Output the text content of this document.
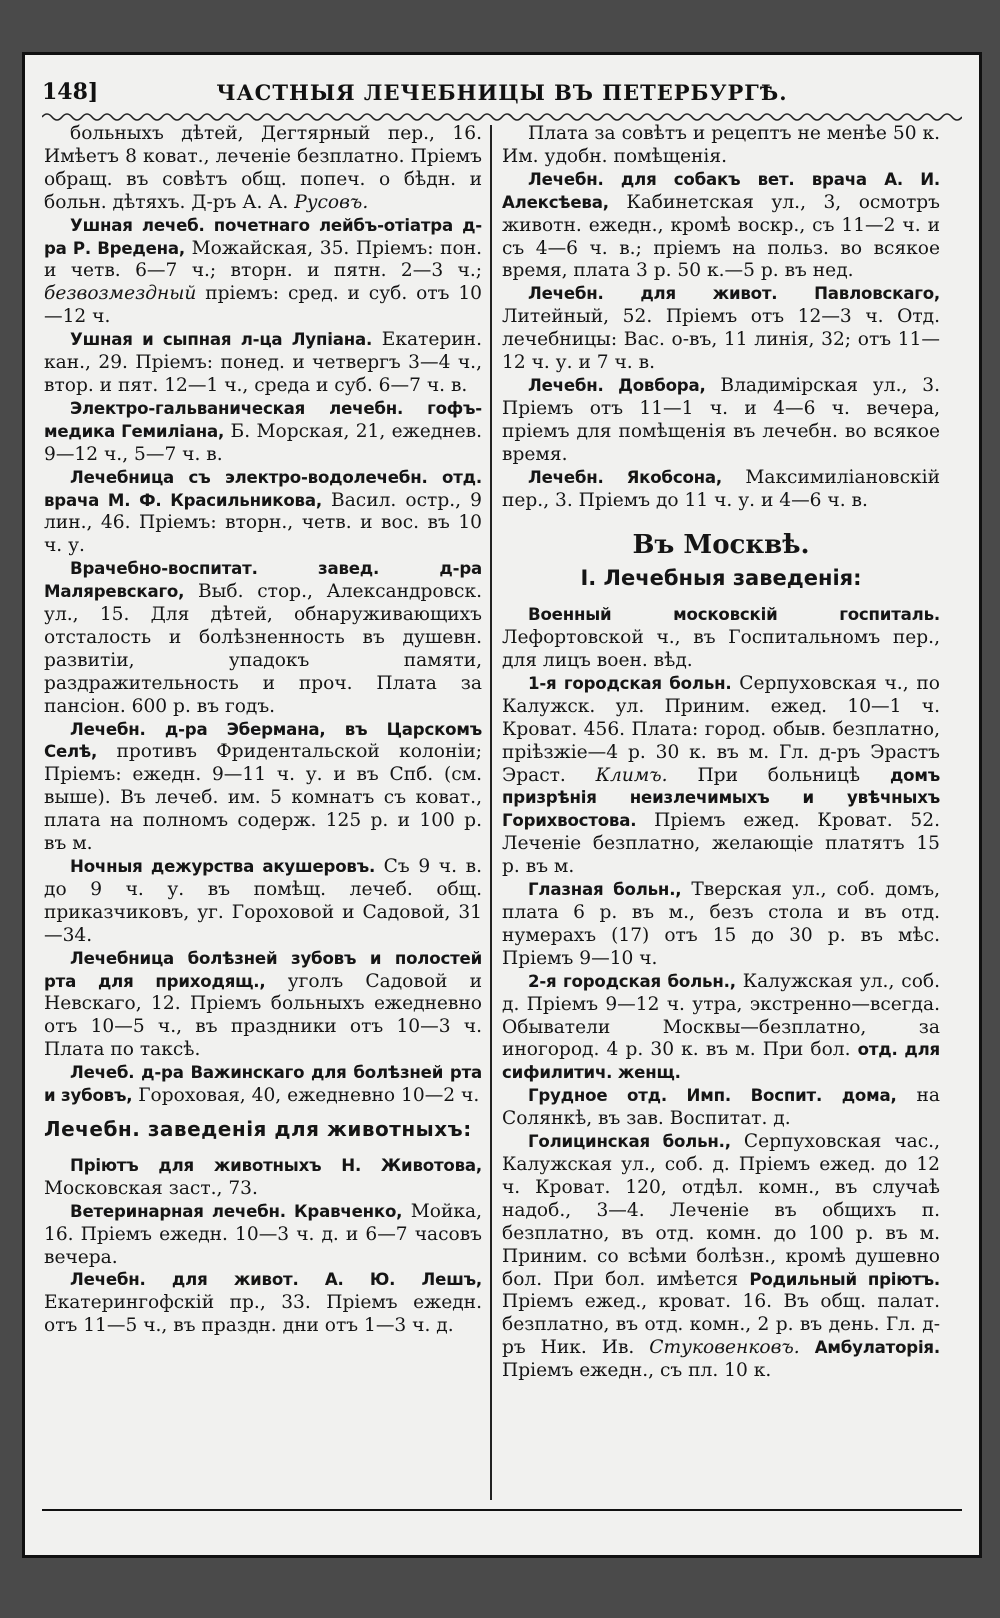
148]	ЧАСТНЫЯ ЛЕЧЕБНИЦЫ ВЪ ПЕТЕРБУРГѢ.

больныхъ дѣтей, Дегтярный пер., 16. Имѣетъ 8 коват., леченіе безплатно. Пріемъ обращ. въ совѣтъ общ. попеч. о бѣдн. и больн. дѣтяхъ. Д-ръ А. А. Русовъ.

Ушная лечеб. почетнаго лейбъ-отіатра д-ра Р. Вредена, Можайская, 35. Пріемъ: пон. и четв. 6—7 ч.; вторн. и пятн. 2—3 ч.; безвозмездный пріемъ: сред. и суб. отъ 10—12 ч.

Ушная и сыпная л-ца Лупіана. Екатерин. кан., 29. Пріемъ: понед. и четвергъ 3—4 ч., втор. и пят. 12—1 ч., среда и суб. 6—7 ч. в.

Электро-гальваническая лечебн. гофъ-медика Гемиліана, Б. Морская, 21, ежеднев. 9—12 ч., 5—7 ч. в.

Лечебница съ электро-водолечебн. отд. врача М. Ф. Красильникова, Васил. остр., 9 лин., 46. Пріемъ: вторн., четв. и вос. въ 10 ч. у.

Врачебно-воспитат. завед. д-ра Маляревскаго, Выб. стор., Александровск. ул., 15. Для дѣтей, обнаруживающихъ отсталость и болѣзненность въ душевн. развитіи, упадокъ памяти, раздражительность и проч. Плата за пансіон. 600 р. въ годъ.

Лечебн. д-ра Эбермана, въ Царскомъ Селѣ, противъ Фридентальской колоніи; Пріемъ: ежедн. 9—11 ч. у. и въ Спб. (см. выше). Въ лечеб. им. 5 комнатъ съ коват., плата на полномъ содерж. 125 р. и 100 р. въ м.

Ночныя дежурства акушеровъ. Съ 9 ч. в. до 9 ч. у. въ помѣщ. лечеб. общ. приказчиковъ, уг. Гороховой и Садовой, 31—34.

Лечебница болѣзней зубовъ и полостей рта для приходящ., уголъ Садовой и Невскаго, 12. Пріемъ больныхъ ежедневно отъ 10—5 ч., въ праздники отъ 10—3 ч. Плата по таксѣ.

Лечеб. д-ра Важинскаго для болѣзней рта и зубовъ, Гороховая, 40, ежедневно 10—2 ч.

Лечебн. заведенія для животныхъ:

Пріютъ для животныхъ Н. Животова, Московская заст., 73.

Ветеринарная лечебн. Кравченко, Мойка, 16. Пріемъ ежедн. 10—3 ч. д. и 6—7 часовъ вечера.

Лечебн. для живот. А. Ю. Лешъ, Екатерингофскій пр., 33. Пріемъ ежедн. отъ 11—5 ч., въ праздн. дни отъ 1—3 ч. д.

Плата за совѣтъ и рецептъ не менѣе 50 к. Им. удобн. помѣщенія.

Лечебн. для собакъ вет. врача А. И. Алексѣева, Кабинетская ул., 3, осмотръ животн. ежедн., кромѣ воскр., съ 11—2 ч. и съ 4—6 ч. в.; пріемъ на польз. во всякое время, плата 3 р. 50 к.—5 р. въ нед.

Лечебн. для живот. Павловскаго, Литейный, 52. Пріемъ отъ 12—3 ч. Отд. лечебницы: Вас. о-въ, 11 линія, 32; отъ 11—12 ч. у. и 7 ч. в.

Лечебн. Довбора, Владимірская ул., 3. Пріемъ отъ 11—1 ч. и 4—6 ч. вечера, пріемъ для помѣщенія въ лечебн. во всякое время.

Лечебн. Якобсона, Максимиліановскій пер., 3. Пріемъ до 11 ч. у. и 4—6 ч. в.

Въ Москвѣ.
I. Лечебныя заведенія:

Военный московскій госпиталь. Лефортовской ч., въ Госпитальномъ пер., для лицъ воен. вѣд.

1-я городская больн. Серпуховская ч., по Калужск. ул. Приним. ежед. 10—1 ч. Кроват. 456. Плата: город. обыв. безплатно, пріѣзжіе—4 р. 30 к. въ м. Гл. д-ръ Эрастъ Эраст. Климъ. При больницѣ домъ призрѣнія неизлечимыхъ и увѣчныхъ Горихвостова. Пріемъ ежед. Кроват. 52. Леченіе безплатно, желающіе платятъ 15 р. въ м.

Глазная больн., Тверская ул., соб. домъ, плата 6 р. въ м., безъ стола и въ отд. нумерахъ (17) отъ 15 до 30 р. въ мѣс. Пріемъ 9—10 ч.

2-я городская больн., Калужская ул., соб. д. Пріемъ 9—12 ч. утра, экстренно—всегда. Обыватели Москвы—безплатно, за иногород. 4 р. 30 к. въ м. При бол. отд. для сифилитич. женщ.

Грудное отд. Имп. Воспит. дома, на Солянкѣ, въ зав. Воспитат. д.

Голицинская больн., Серпуховская час., Калужская ул., соб. д. Пріемъ ежед. до 12 ч. Кроват. 120, отдѣл. комн., въ случаѣ надоб., 3—4. Леченіе въ общихъ п. безплатно, въ отд. комн. до 100 р. въ м. Приним. со всѣми болѣзн., кромѣ душевно бол. При бол. имѣется Родильный пріютъ. Пріемъ ежед., кроват. 16. Въ общ. палат. безплатно, въ отд. комн., 2 р. въ день. Гл. д-ръ Ник. Ив. Стуковенковъ. Амбулаторія. Пріемъ ежедн., съ пл. 10 к.
